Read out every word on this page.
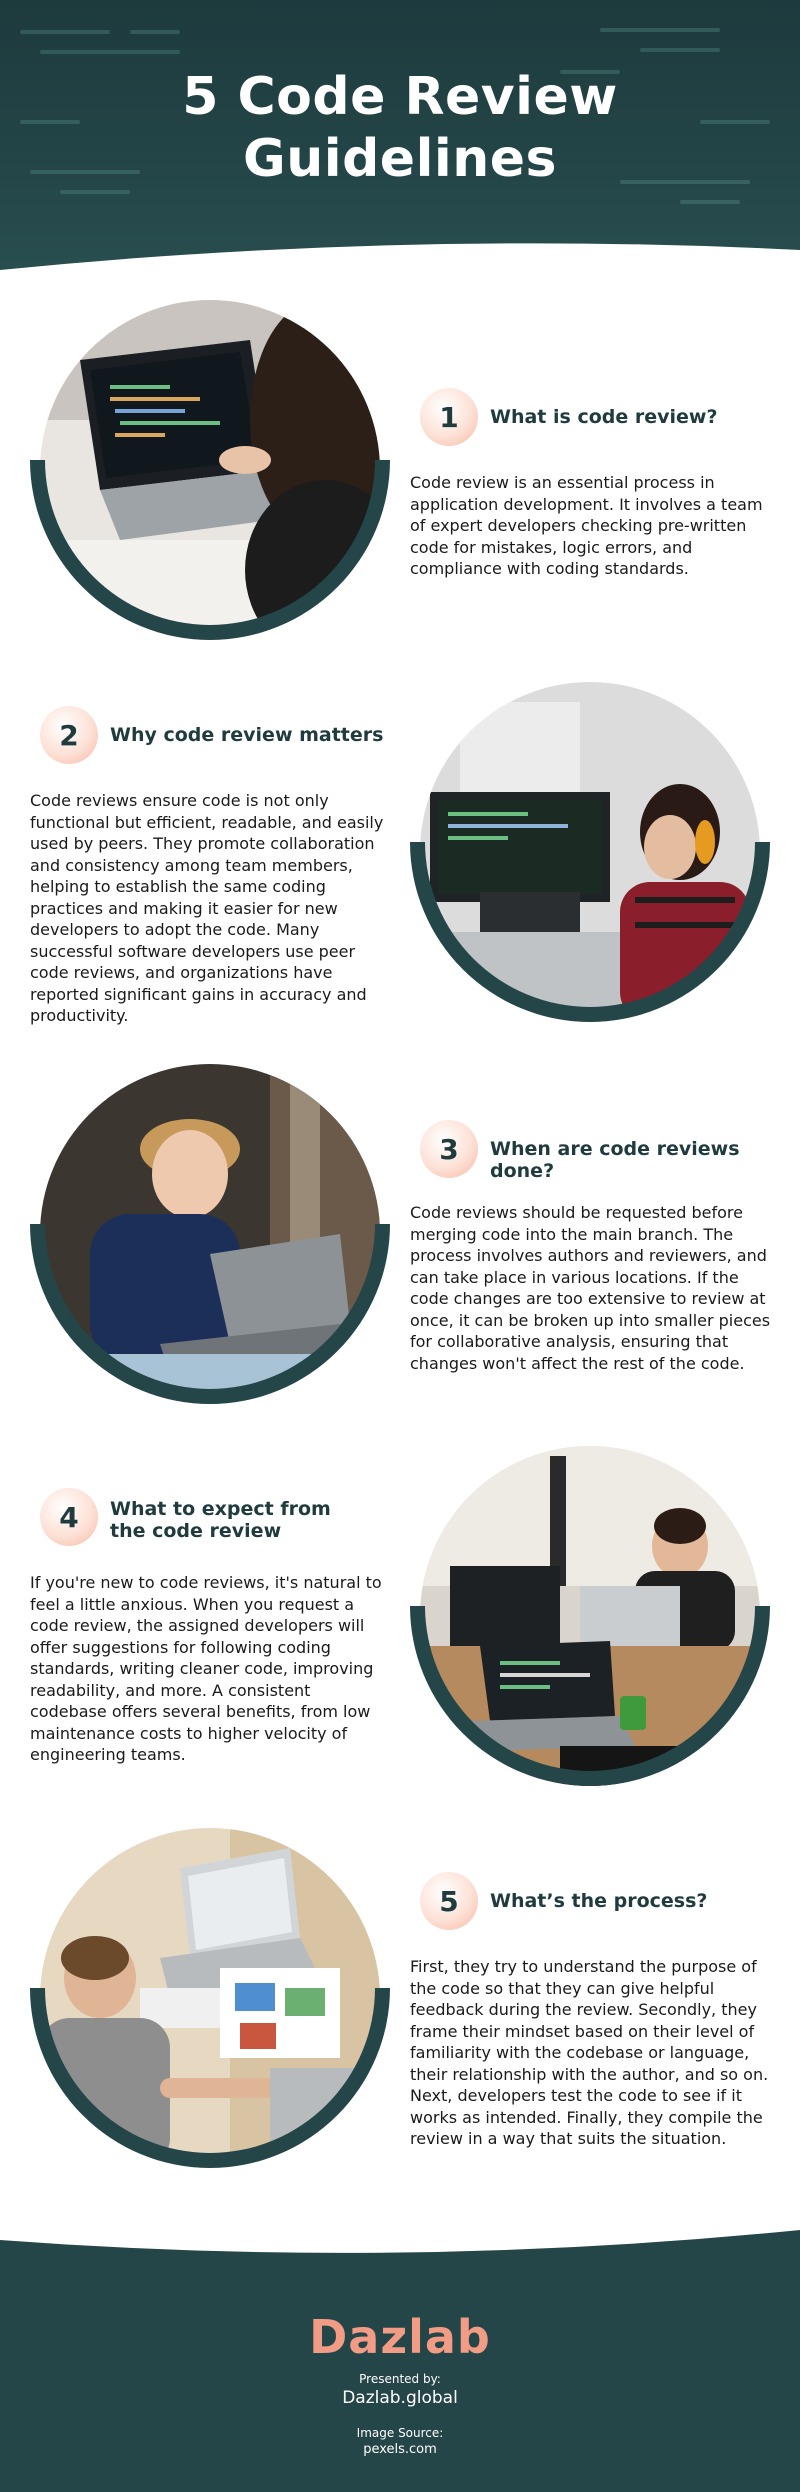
5 Code Review
Guidelines
1 What is code review?
Code review is an essential process in application development. It involves a team of expert developers checking pre-written code for mistakes, logic errors, and compliance with coding standards.
2 Why code review matters
Code reviews ensure code is not only functional but efficient, readable, and easily used by peers. They promote collaboration and consistency among team members, helping to establish the same coding practices and making it easier for new developers to adopt the code. Many successful software developers use peer code reviews, and organizations have reported significant gains in accuracy and productivity.
3 When are code reviews done?
Code reviews should be requested before merging code into the main branch. The process involves authors and reviewers, and can take place in various locations. If the code changes are too extensive to review at once, it can be broken up into smaller pieces for collaborative analysis, ensuring that changes won't affect the rest of the code.
4 What to expect from the code review
If you're new to code reviews, it's natural to feel a little anxious. When you request a code review, the assigned developers will offer suggestions for following coding standards, writing cleaner code, improving readability, and more. A consistent codebase offers several benefits, from low maintenance costs to higher velocity of engineering teams.
5 What’s the process?
First, they try to understand the purpose of the code so that they can give helpful feedback during the review. Secondly, they frame their mindset based on their level of familiarity with the codebase or language, their relationship with the author, and so on. Next, developers test the code to see if it works as intended. Finally, they compile the review in a way that suits the situation.
Dazlab
Presented by:
Dazlab.global
Image Source:
pexels.com
